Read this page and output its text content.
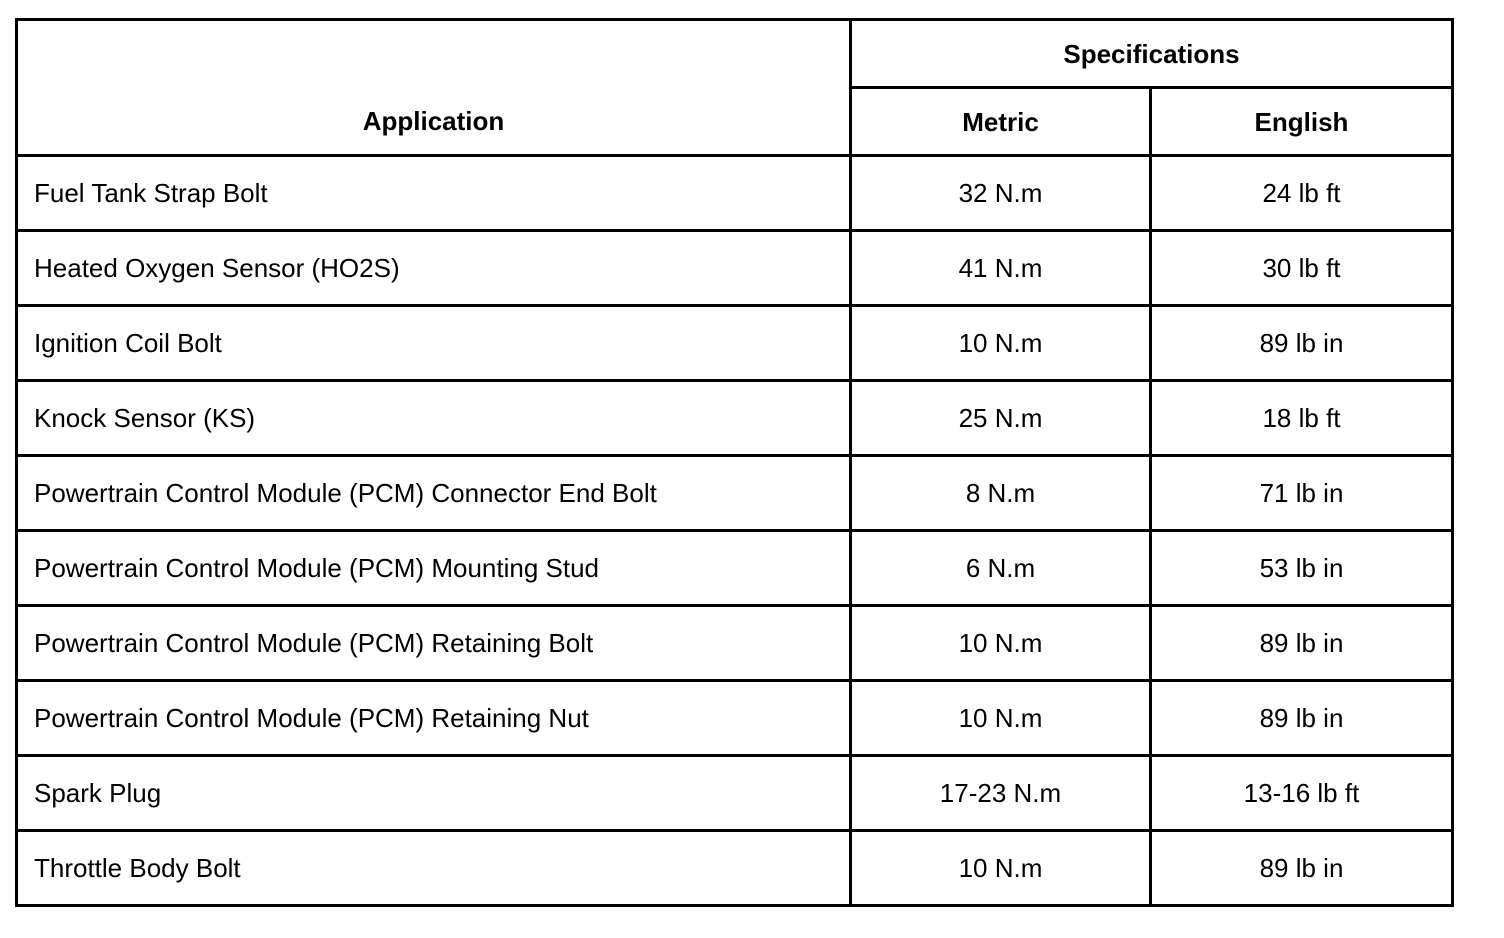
Application	Specifications	
	Metric	English
Fuel Tank Strap Bolt	32 N.m	24 lb ft
Heated Oxygen Sensor (HO2S)	41 N.m	30 lb ft
Ignition Coil Bolt	10 N.m	89 lb in
Knock Sensor (KS)	25 N.m	18 lb ft
Powertrain Control Module (PCM) Connector End Bolt	8 N.m	71 lb in
Powertrain Control Module (PCM) Mounting Stud	6 N.m	53 lb in
Powertrain Control Module (PCM) Retaining Bolt	10 N.m	89 lb in
Powertrain Control Module (PCM) Retaining Nut	10 N.m	89 lb in
Spark Plug	17-23 N.m	13-16 lb ft
Throttle Body Bolt	10 N.m	89 lb in
